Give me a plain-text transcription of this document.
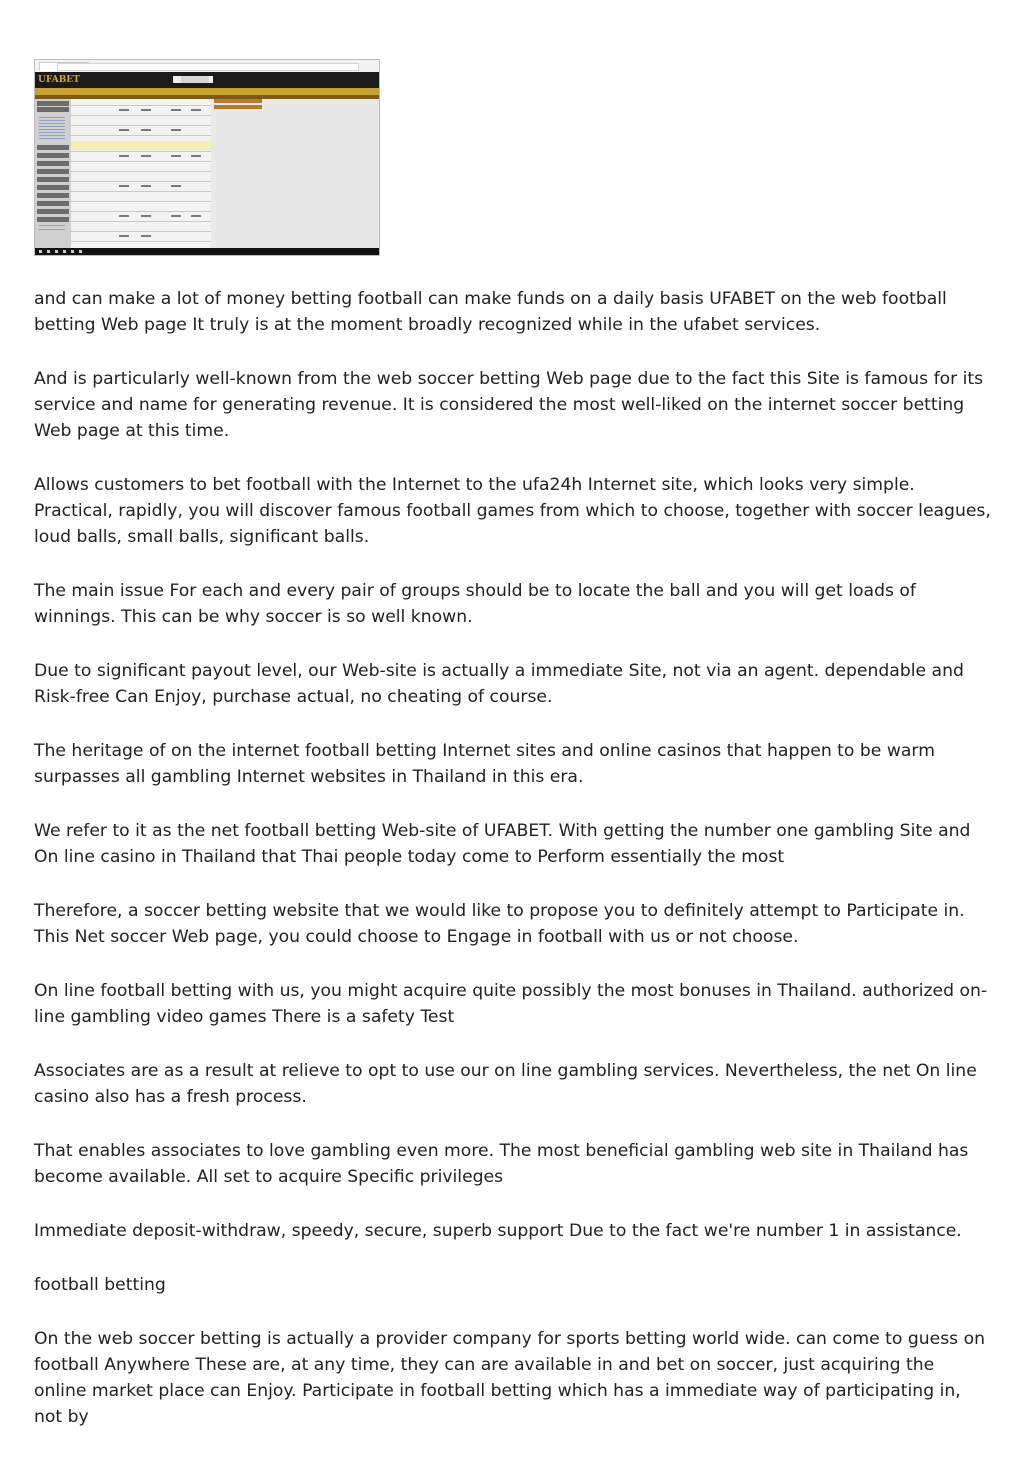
UFABET

and can make a lot of money betting football can make funds on a daily basis UFABET on the web football betting Web page It truly is at the moment broadly recognized while in the ufabet services.

And is particularly well-known from the web soccer betting Web page due to the fact this Site is famous for its service and name for generating revenue. It is considered the most well-liked on the internet soccer betting Web page at this time.

Allows customers to bet football with the Internet to the ufa24h Internet site, which looks very simple. Practical, rapidly, you will discover famous football games from which to choose, together with soccer leagues, loud balls, small balls, significant balls.

The main issue For each and every pair of groups should be to locate the ball and you will get loads of winnings. This can be why soccer is so well known.

Due to significant payout level, our Web-site is actually a immediate Site, not via an agent. dependable and Risk-free Can Enjoy, purchase actual, no cheating of course.

The heritage of on the internet football betting Internet sites and online casinos that happen to be warm surpasses all gambling Internet websites in Thailand in this era.

We refer to it as the net football betting Web-site of UFABET. With getting the number one gambling Site and On line casino in Thailand that Thai people today come to Perform essentially the most

Therefore, a soccer betting website that we would like to propose you to definitely attempt to Participate in. This Net soccer Web page, you could choose to Engage in football with us or not choose.

On line football betting with us, you might acquire quite possibly the most bonuses in Thailand. authorized on-line gambling video games There is a safety Test

Associates are as a result at relieve to opt to use our on line gambling services. Nevertheless, the net On line casino also has a fresh process.

That enables associates to love gambling even more. The most beneficial gambling web site in Thailand has become available. All set to acquire Specific privileges

Immediate deposit-withdraw, speedy, secure, superb support Due to the fact we're number 1 in assistance.

football betting

On the web soccer betting is actually a provider company for sports betting world wide. can come to guess on football Anywhere These are, at any time, they can are available in and bet on soccer, just acquiring the online market place can Enjoy. Participate in football betting which has a immediate way of participating in, not by
